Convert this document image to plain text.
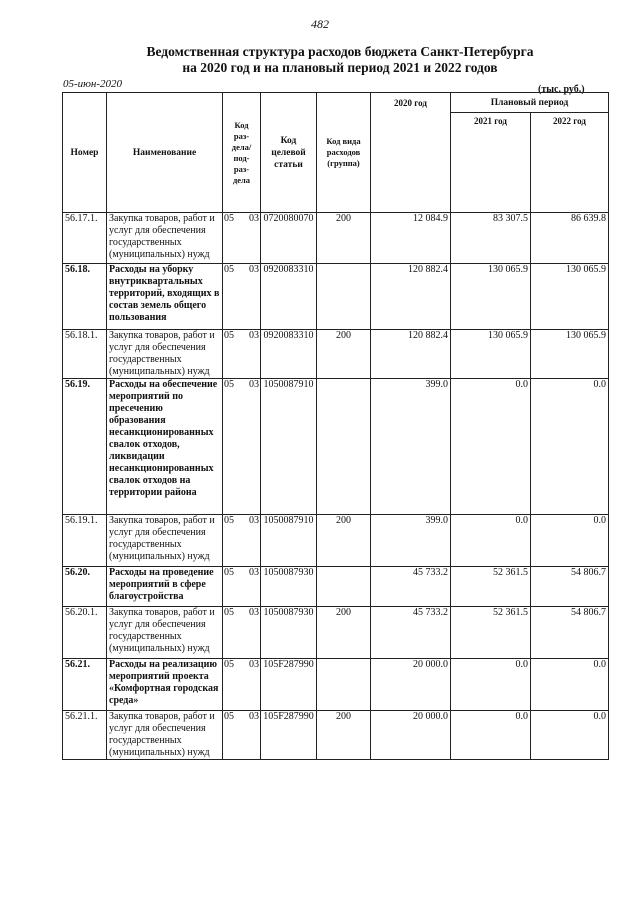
482
Ведомственная структура расходов бюджета Санкт-Петербурга
на 2020 год и на плановый период 2021 и 2022 годов
05-июн-2020	(тыс. руб.)
Номер	Наименование	Код раз- дела/ под- раз- дела	Код целевой статьи	Код вида расходов (группа)	2020 год	Плановый период	
						2021 год	2022 год
56.17.1.	Закупка товаров, работ и услуг для обеспечения государственных (муниципальных) нужд	05 03	0720080070	200	12 084.9	83 307.5	86 639.8
56.18.	Расходы на уборку внутриквартальных территорий, входящих в состав земель общего пользования	05 03	0920083310		120 882.4	130 065.9	130 065.9
56.18.1.	Закупка товаров, работ и услуг для обеспечения государственных (муниципальных) нужд	05 03	0920083310	200	120 882.4	130 065.9	130 065.9
56.19.	Расходы на обеспечение мероприятий по пресечению образования несанкционированных свалок отходов, ликвидации несанкционированных свалок отходов на территории района	05 03	1050087910		399.0	0.0	0.0
56.19.1.	Закупка товаров, работ и услуг для обеспечения государственных (муниципальных) нужд	05 03	1050087910	200	399.0	0.0	0.0
56.20.	Расходы на проведение мероприятий в сфере благоустройства	05 03	1050087930		45 733.2	52 361.5	54 806.7
56.20.1.	Закупка товаров, работ и услуг для обеспечения государственных (муниципальных) нужд	05 03	1050087930	200	45 733.2	52 361.5	54 806.7
56.21.	Расходы на реализацию мероприятий проекта «Комфортная городская среда»	05 03	105F287990		20 000.0	0.0	0.0
56.21.1.	Закупка товаров, работ и услуг для обеспечения государственных (муниципальных) нужд	05 03	105F287990	200	20 000.0	0.0	0.0
